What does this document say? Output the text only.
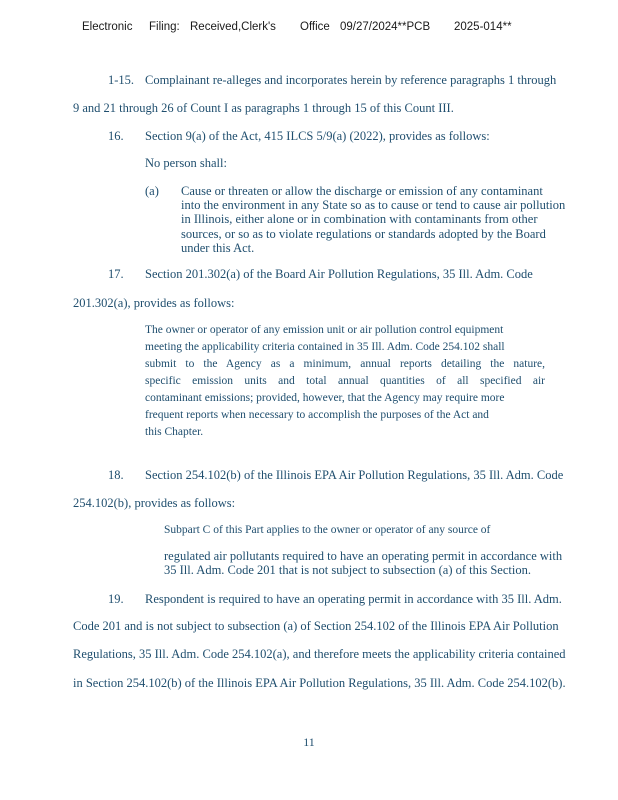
Electronic Filing: Received,Clerk's Office 09/27/2024**PCB 2025-014**
1-15. Complainant re-alleges and incorporates herein by reference paragraphs 1 through
9 and 21 through 26 of Count I as paragraphs 1 through 15 of this Count III.
16. Section 9(a) of the Act, 415 ILCS 5/9(a) (2022), provides as follows:
No person shall:
(a) Cause or threaten or allow the discharge or emission of any contaminant
into the environment in any State so as to cause or tend to cause air pollution
in Illinois, either alone or in combination with contaminants from other
sources, or so as to violate regulations or standards adopted by the Board
under this Act.
17. Section 201.302(a) of the Board Air Pollution Regulations, 35 Ill. Adm. Code
201.302(a), provides as follows:
The owner or operator of any emission unit or air pollution control equipment
meeting the applicability criteria contained in 35 Ill. Adm. Code 254.102 shall
submit to the Agency as a minimum, annual reports detailing the nature,
specific emission units and total annual quantities of all specified air
contaminant emissions; provided, however, that the Agency may require more
frequent reports when necessary to accomplish the purposes of the Act and
this Chapter.
18. Section 254.102(b) of the Illinois EPA Air Pollution Regulations, 35 Ill. Adm. Code
254.102(b), provides as follows:
Subpart C of this Part applies to the owner or operator of any source of
regulated air pollutants required to have an operating permit in accordance with
35 Ill. Adm. Code 201 that is not subject to subsection (a) of this Section.
19. Respondent is required to have an operating permit in accordance with 35 Ill. Adm.
Code 201 and is not subject to subsection (a) of Section 254.102 of the Illinois EPA Air Pollution
Regulations, 35 Ill. Adm. Code 254.102(a), and therefore meets the applicability criteria contained
in Section 254.102(b) of the Illinois EPA Air Pollution Regulations, 35 Ill. Adm. Code 254.102(b).
11
